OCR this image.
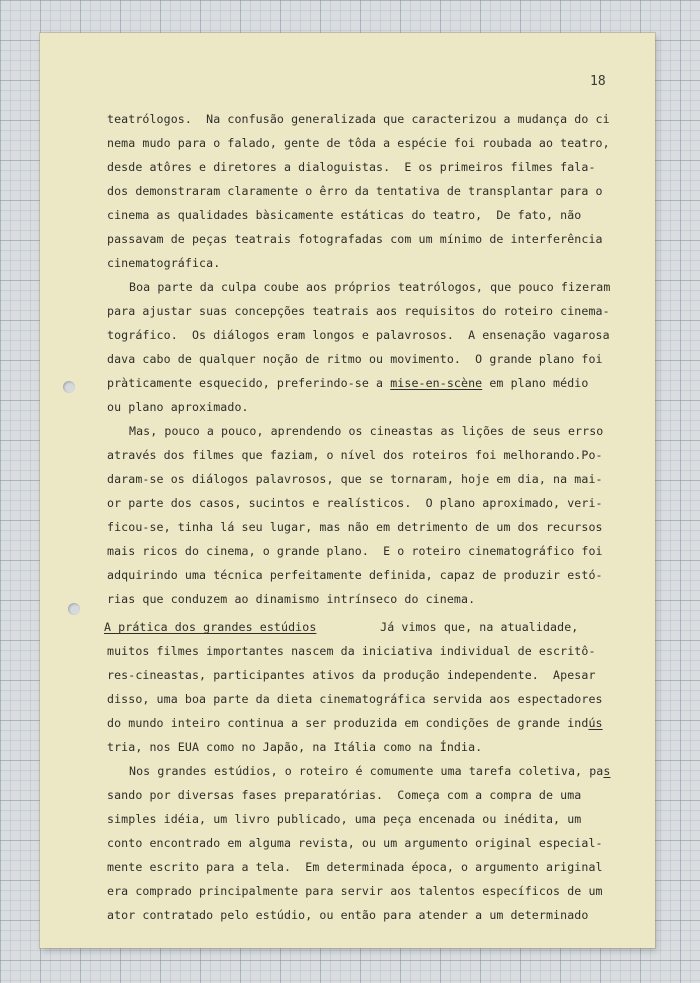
18
teatrólogos.  Na confusão generalizada que caracterizou a mudança do ci
nema mudo para o falado, gente de tôda a espécie foi roubada ao teatro,
desde atôres e diretores a dialoguistas.  E os primeiros filmes fala-
dos demonstraram claramente o êrro da tentativa de transplantar para o
cinema as qualidades bàsicamente estáticas do teatro,  De fato, não
passavam de peças teatrais fotografadas com um mínimo de interferência
cinematográfica.
Boa parte da culpa coube aos próprios teatrólogos, que pouco fizeram
para ajustar suas concepções teatrais aos requisitos do roteiro cinema-
tográfico.  Os diálogos eram longos e palavrosos.  A ensenação vagarosa
dava cabo de qualquer noção de ritmo ou movimento.  O grande plano foi
pràticamente esquecido, preferindo-se a mise-en-scène em plano médio
ou plano aproximado.
Mas, pouco a pouco, aprendendo os cineastas as lições de seus errso
através dos filmes que faziam, o nível dos roteiros foi melhorando.Po-
daram-se os diálogos palavrosos, que se tornaram, hoje em dia, na mai-
or parte dos casos, sucintos e realísticos.  O plano aproximado, veri-
ficou-se, tinha lá seu lugar, mas não em detrimento de um dos recursos
mais ricos do cinema, o grande plano.  E o roteiro cinematográfico foi
adquirindo uma técnica perfeitamente definida, capaz de produzir estó-
rias que conduzem ao dinamismo intrínseco do cinema.
A prática dos grandes estúdios         Já vimos que, na atualidade,
muitos filmes importantes nascem da iniciativa individual de escritô-
res-cineastas, participantes ativos da produção independente.  Apesar
disso, uma boa parte da dieta cinematográfica servida aos espectadores
do mundo inteiro continua a ser produzida em condições de grande indús
tria, nos EUA como no Japão, na Itália como na Índia.
Nos grandes estúdios, o roteiro é comumente uma tarefa coletiva, pas
sando por diversas fases preparatórias.  Começa com a compra de uma
simples idéia, um livro publicado, uma peça encenada ou inédita, um
conto encontrado em alguma revista, ou um argumento original especial-
mente escrito para a tela.  Em determinada época, o argumento ariginal
era comprado principalmente para servir aos talentos específicos de um
ator contratado pelo estúdio, ou então para atender a um determinado
